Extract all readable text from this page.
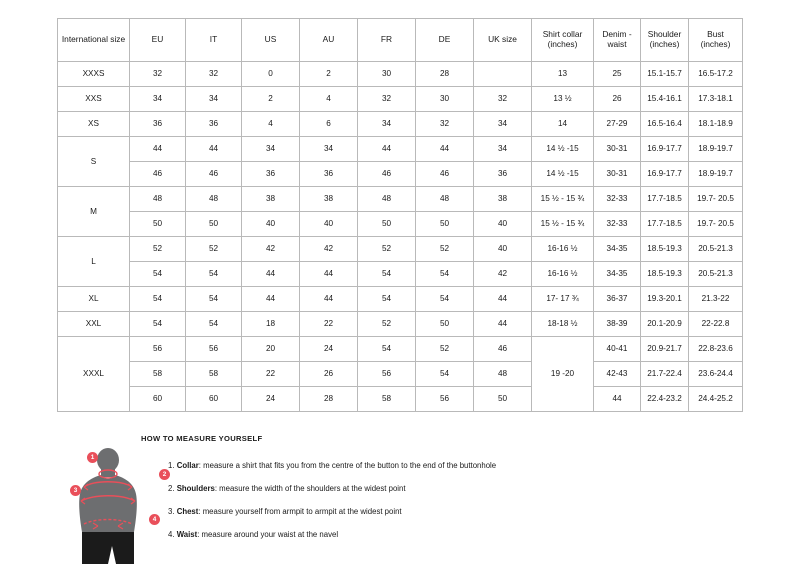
International size	EU	IT	US	AU	FR	DE	UK size	Shirt collar (inches)	Denim - waist	Shoulder (inches)	Bust (inches)
XXXS	32	32	0	2	30	28		13	25	15.1-15.7	16.5-17.2
XXS	34	34	2	4	32	30	32	13 ½	26	15.4-16.1	17.3-18.1
XS	36	36	4	6	34	32	34	14	27-29	16.5-16.4	18.1-18.9
S	44	44	34	34	44	44	34	14 ½ -15	30-31	16.9-17.7	18.9-19.7
	46	46	36	36	46	46	36	14 ½ -15	30-31	16.9-17.7	18.9-19.7
M	48	48	38	38	48	48	38	15 ½ - 15 ¾	32-33	17.7-18.5	19.7- 20.5
	50	50	40	40	50	50	40	15 ½ - 15 ¾	32-33	17.7-18.5	19.7- 20.5
L	52	52	42	42	52	52	40	16-16 ½	34-35	18.5-19.3	20.5-21.3
	54	54	44	44	54	54	42	16-16 ½	34-35	18.5-19.3	20.5-21.3
XL	54	54	44	44	54	54	44	17- 17 ¾	36-37	19.3-20.1	21.3-22
XXL	54	54	18	22	52	50	44	18-18 ½	38-39	20.1-20.9	22-22.8
XXXL	56	56	20	24	54	52	46	19 -20	40-41	20.9-21.7	22.8-23.6
	58	58	22	26	56	54	48		42-43	21.7-22.4	23.6-24.4
	60	60	24	28	58	56	50		44	22.4-23.2	24.4-25.2
HOW TO MEASURE YOURSELF
1. Collar: measure a shirt that fits you from the centre of the button to the end of the buttonhole
2. Shoulders: measure the width of the shoulders at the widest point
3. Chest: measure yourself from armpit to armpit at the widest point
4. Waist: measure around your waist at the navel
1
2
3
4
